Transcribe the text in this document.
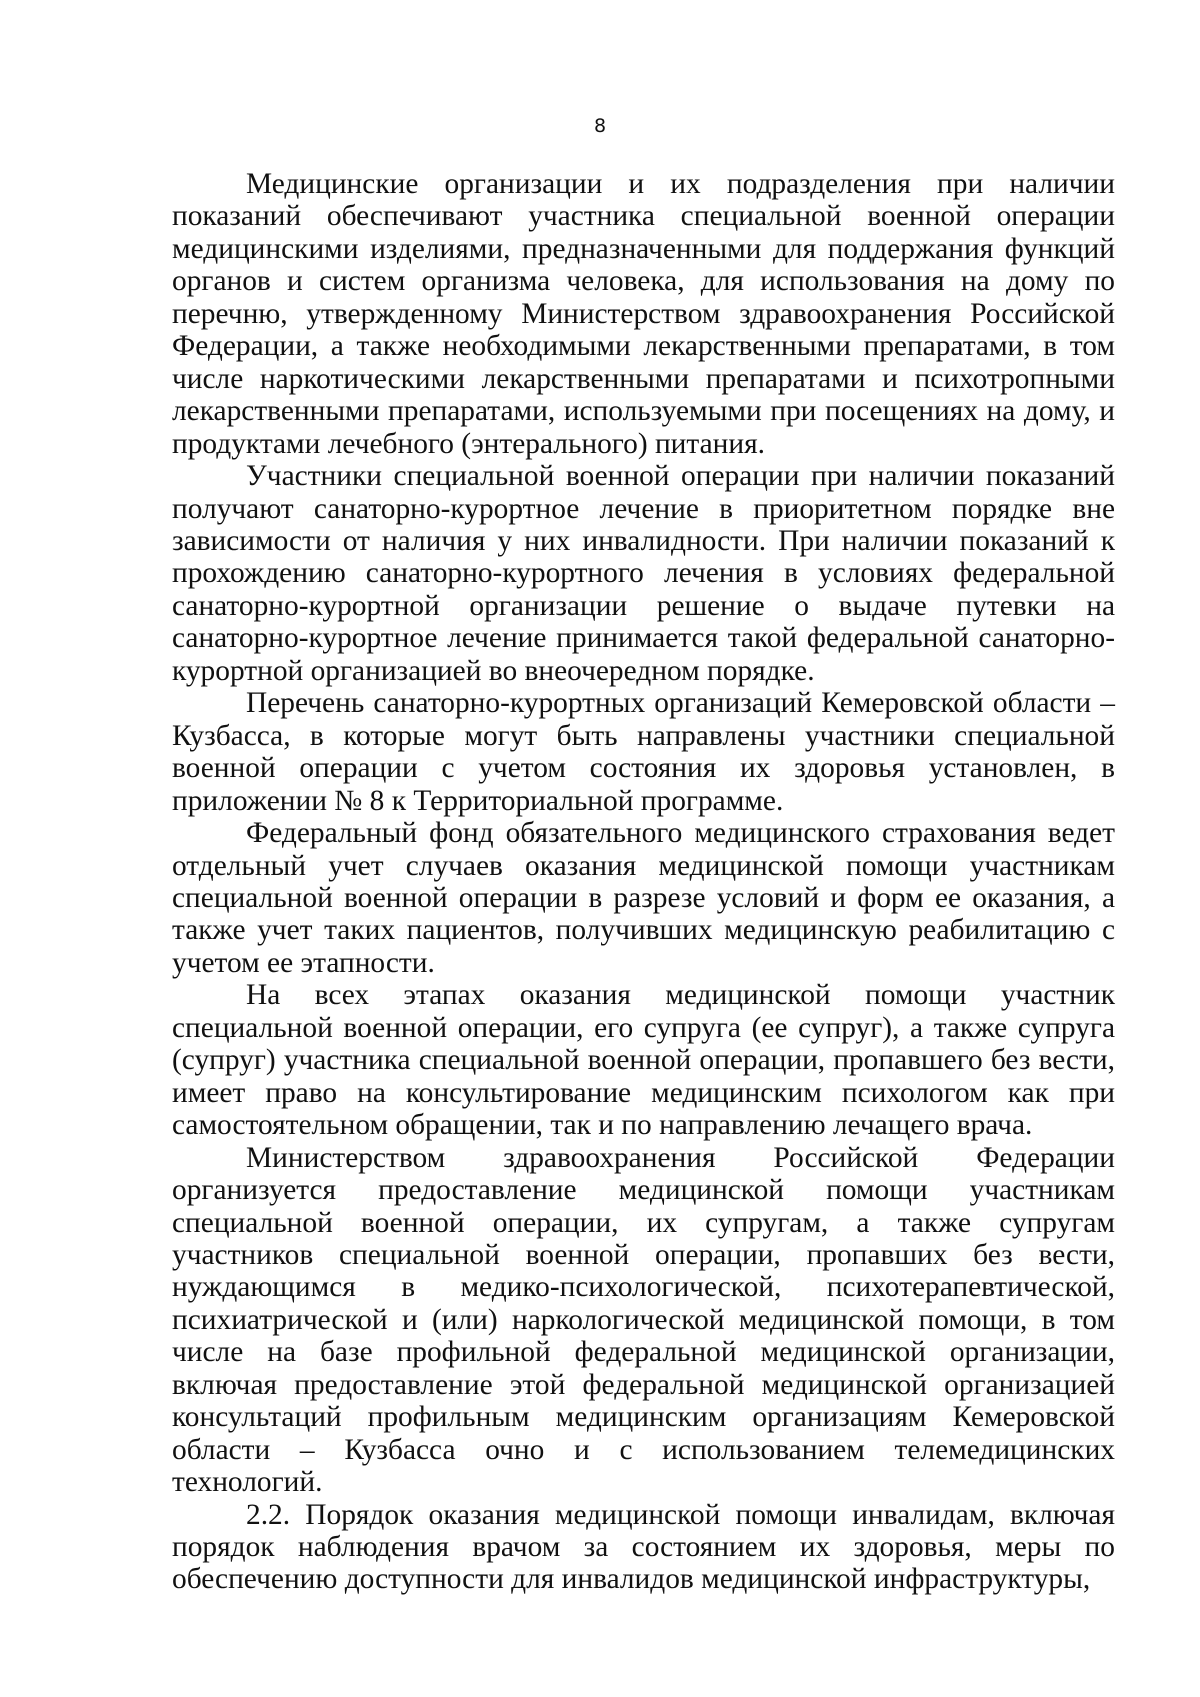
8

Медицинские организации и их подразделения при наличии показаний обеспечивают участника специальной военной операции медицинскими изделиями, предназначенными для поддержания функций органов и систем организма человека, для использования на дому по перечню, утвержденному Министерством здравоохранения Российской Федерации, а также необходимыми лекарственными препаратами, в том числе наркотическими лекарственными препаратами и психотропными лекарственными препаратами, используемыми при посещениях на дому, и продуктами лечебного (энтерального) питания.

Участники специальной военной операции при наличии показаний получают санаторно-курортное лечение в приоритетном порядке вне зависимости от наличия у них инвалидности. При наличии показаний к прохождению санаторно-курортного лечения в условиях федеральной санаторно-курортной организации решение о выдаче путевки на санаторно-курортное лечение принимается такой федеральной санаторно-курортной организацией во внеочередном порядке.

Перечень санаторно-курортных организаций Кемеровской области – Кузбасса, в которые могут быть направлены участники специальной военной операции с учетом состояния их здоровья установлен, в приложении № 8 к Территориальной программе.

Федеральный фонд обязательного медицинского страхования ведет отдельный учет случаев оказания медицинской помощи участникам специальной военной операции в разрезе условий и форм ее оказания, а также учет таких пациентов, получивших медицинскую реабилитацию с учетом ее этапности.

На всех этапах оказания медицинской помощи участник специальной военной операции, его супруга (ее супруг), а также супруга (супруг) участника специальной военной операции, пропавшего без вести, имеет право на консультирование медицинским психологом как при самостоятельном обращении, так и по направлению лечащего врача.

Министерством здравоохранения Российской Федерации организуется предоставление медицинской помощи участникам специальной военной операции, их супругам, а также супругам участников специальной военной операции, пропавших без вести, нуждающимся в медико-психологической, психотерапевтической, психиатрической и (или) наркологической медицинской помощи, в том числе на базе профильной федеральной медицинской организации, включая предоставление этой федеральной медицинской организацией консультаций профильным медицинским организациям Кемеровской области – Кузбасса очно и с использованием телемедицинских технологий.

2.2. Порядок оказания медицинской помощи инвалидам, включая порядок наблюдения врачом за состоянием их здоровья, меры по обеспечению доступности для инвалидов медицинской инфраструктуры,
